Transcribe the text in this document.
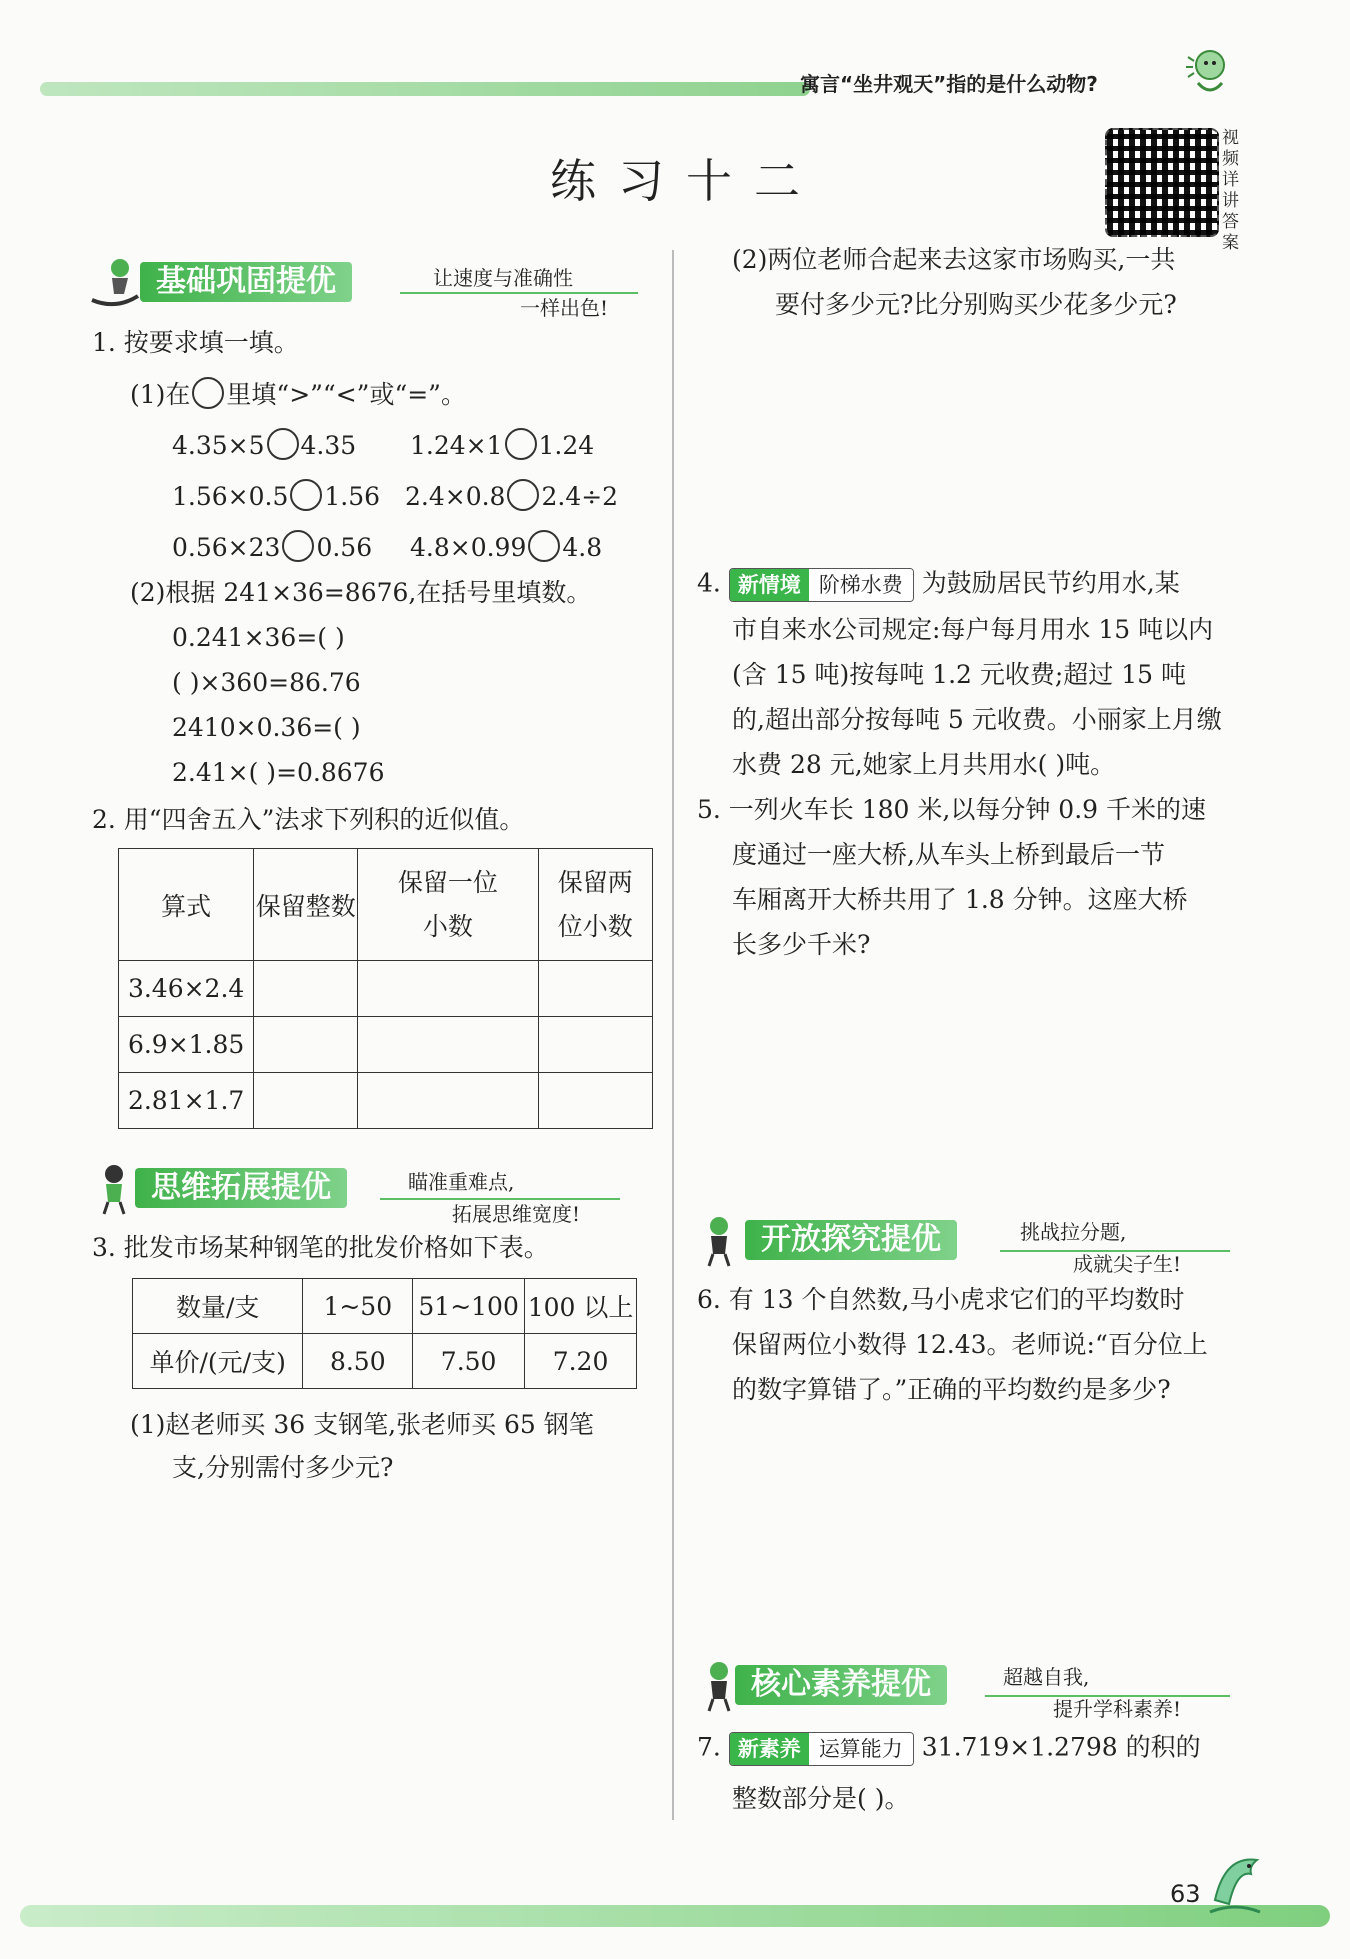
寓言“坐井观天”指的是什么动物?
练习十二
视频详讲答案
基础巩固提优	让速度与准确性
一样出色!
1. 按要求填一填。
(1)在 里填“>”“<”或“=”。
4.35×5 4.35 1.24×1 1.24
1.56×0.5 1.56 2.4×0.8 2.4÷2
0.56×23 0.56 4.8×0.99 4.8
(2)根据 241×36=8676,在括号里填数。
0.241×36=( )
( )×360=86.76
2410×0.36=( )
2.41×( )=0.8676
2. 用“四舍五入”法求下列积的近似值。
算式	保留整数	保留一位小数	保留两位小数
3.46×2.4			
6.9×1.85			
2.81×1.7			
思维拓展提优	瞄准重难点,
拓展思维宽度!
3. 批发市场某种钢笔的批发价格如下表。
数量/支	1~50	51~100	100 以上
单价/(元/支)	8.50	7.50	7.20
(1)赵老师买 36 支钢笔,张老师买 65 钢笔
支,分别需付多少元?
(2)两位老师合起来去这家市场购买,一共
要付多少元?比分别购买少花多少元?
4. 新情境 阶梯水费 为鼓励居民节约用水,某
市自来水公司规定:每户每月用水 15 吨以内
(含 15 吨)按每吨 1.2 元收费;超过 15 吨
的,超出部分按每吨 5 元收费。小丽家上月缴
水费 28 元,她家上月共用水( )吨。
5. 一列火车长 180 米,以每分钟 0.9 千米的速
度通过一座大桥,从车头上桥到最后一节
车厢离开大桥共用了 1.8 分钟。这座大桥
长多少千米?
开放探究提优	挑战拉分题,
成就尖子生!
6. 有 13 个自然数,马小虎求它们的平均数时
保留两位小数得 12.43。老师说:“百分位上
的数字算错了。”正确的平均数约是多少?
核心素养提优	超越自我,
提升学科素养!
7. 新素养 运算能力 31.719×1.2798 的积的
整数部分是( )。
63
